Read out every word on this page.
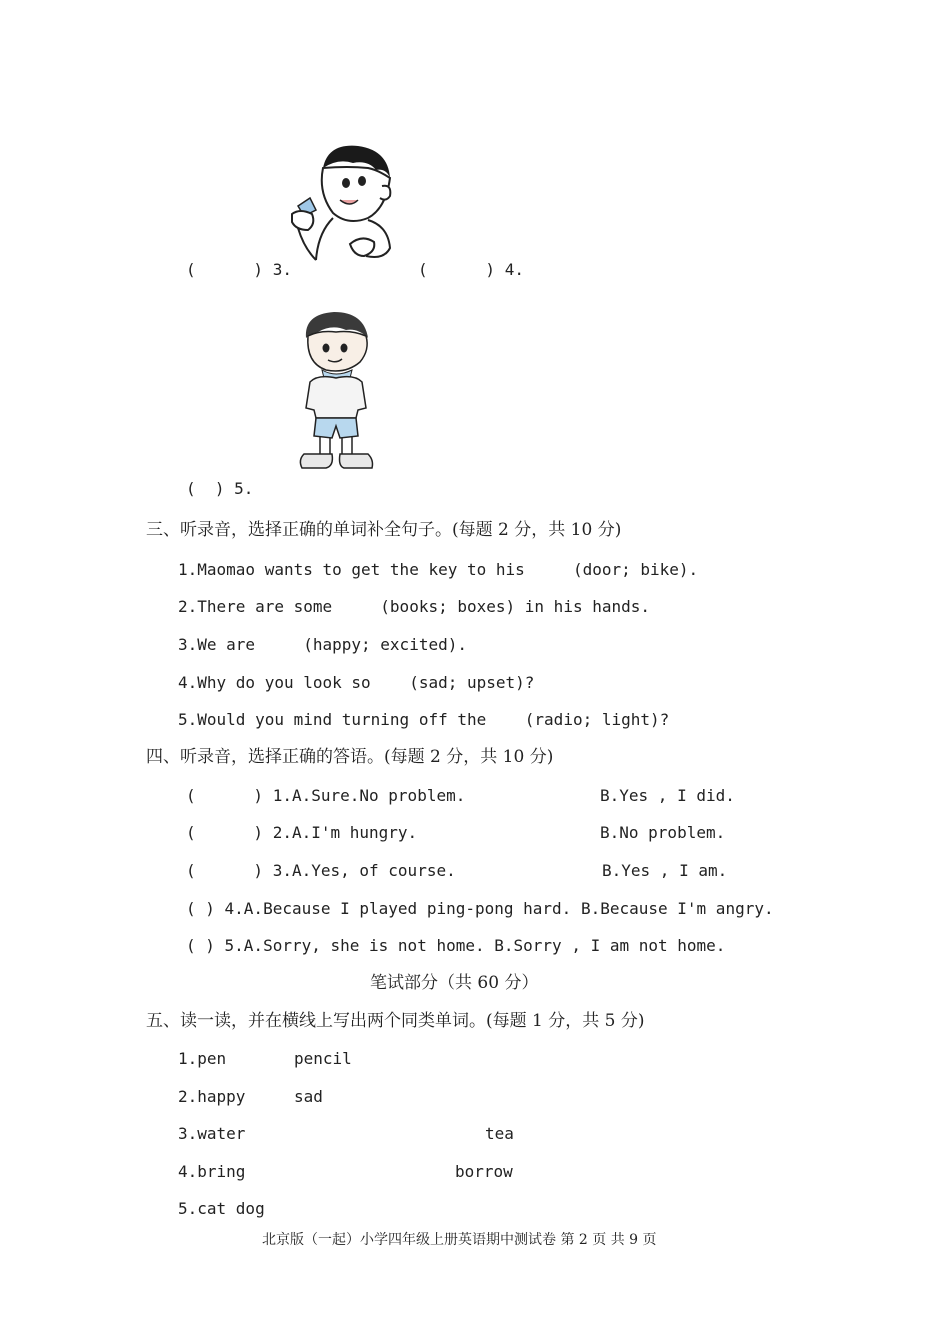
(      ) 3.	(      ) 4.
(  ) 5.
三、听录音，选择正确的单词补全句子。(每题 2 分，共 10 分)
1.Maomao wants to get the key to his     (door; bike).
2.There are some     (books; boxes) in his hands.
3.We are     (happy; excited).
4.Why do you look so    (sad; upset)?
5.Would you mind turning off the    (radio; light)?
四、听录音，选择正确的答语。(每题 2 分，共 10 分)
(      ) 1.A.Sure.No problem.	B.Yes , I did.
(      ) 2.A.I'm hungry.	B.No problem.
(      ) 3.A.Yes, of course.	B.Yes , I am.
( ) 4.A.Because I played ping-pong hard. B.Because I'm angry.
( ) 5.A.Sorry, she is not home. B.Sorry , I am not home.
笔试部分（共 60 分）
五、读一读，并在横线上写出两个同类单词。(每题 1 分，共 5 分)
1.pen	pencil
2.happy	sad
3.water	tea
4.bring	borrow
5.cat dog
北京版（一起）小学四年级上册英语期中测试卷 第 2 页 共 9 页
